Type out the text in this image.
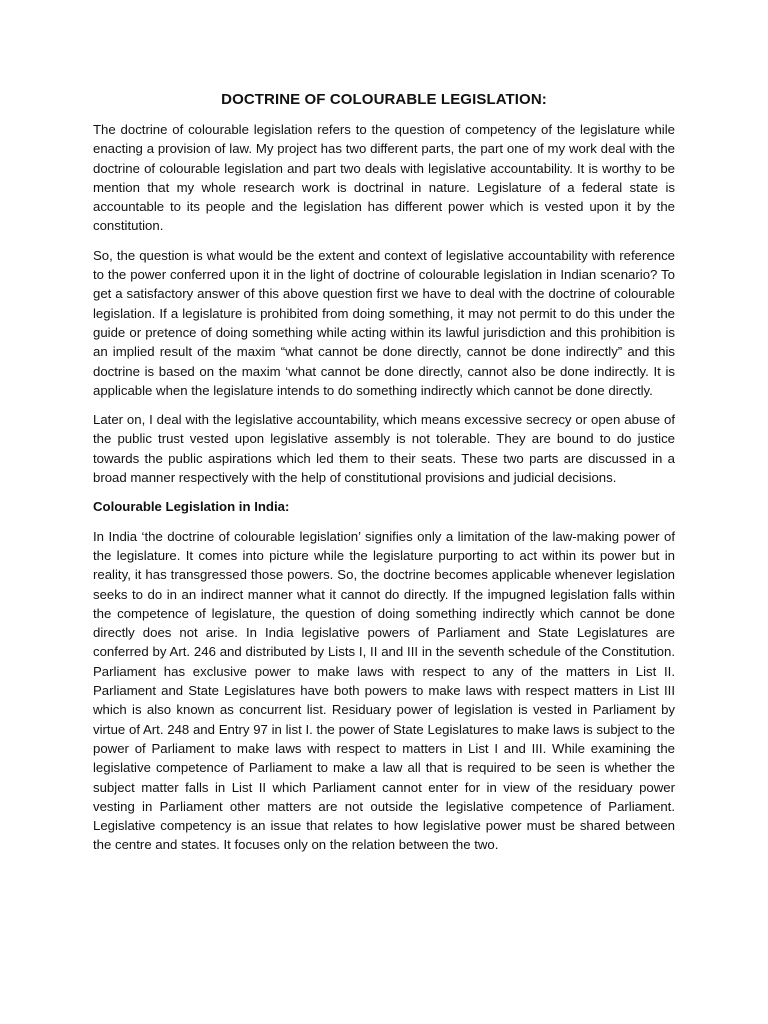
DOCTRINE OF COLOURABLE LEGISLATION:

The doctrine of colourable legislation refers to the question of competency of the legislature while enacting a provision of law. My project has two different parts, the part one of my work deal with the doctrine of colourable legislation and part two deals with legislative accountability. It is worthy to be mention that my whole research work is doctrinal in nature. Legislature of a federal state is accountable to its people and the legislation has different power which is vested upon it by the constitution.

So, the question is what would be the extent and context of legislative accountability with reference to the power conferred upon it in the light of doctrine of colourable legislation in Indian scenario? To get a satisfactory answer of this above question first we have to deal with the doctrine of colourable legislation. If a legislature is prohibited from doing something, it may not permit to do this under the guide or pretence of doing something while acting within its lawful jurisdiction and this prohibition is an implied result of the maxim “what cannot be done directly, cannot be done indirectly” and this doctrine is based on the maxim ‘what cannot be done directly, cannot also be done indirectly. It is applicable when the legislature intends to do something indirectly which cannot be done directly.

Later on, I deal with the legislative accountability, which means excessive secrecy or open abuse of the public trust vested upon legislative assembly is not tolerable. They are bound to do justice towards the public aspirations which led them to their seats. These two parts are discussed in a broad manner respectively with the help of constitutional provisions and judicial decisions.

Colourable Legislation in India:

In India ‘the doctrine of colourable legislation’ signifies only a limitation of the law-making power of the legislature. It comes into picture while the legislature purporting to act within its power but in reality, it has transgressed those powers. So, the doctrine becomes applicable whenever legislation seeks to do in an indirect manner what it cannot do directly. If the impugned legislation falls within the competence of legislature, the question of doing something indirectly which cannot be done directly does not arise. In India legislative powers of Parliament and State Legislatures are conferred by Art. 246 and distributed by Lists I, II and III in the seventh schedule of the Constitution. Parliament has exclusive power to make laws with respect to any of the matters in List II. Parliament and State Legislatures have both powers to make laws with respect matters in List III which is also known as concurrent list. Residuary power of legislation is vested in Parliament by virtue of Art. 248 and Entry 97 in list I. the power of State Legislatures to make laws is subject to the power of Parliament to make laws with respect to matters in List I and III. While examining the legislative competence of Parliament to make a law all that is required to be seen is whether the subject matter falls in List II which Parliament cannot enter for in view of the residuary power vesting in Parliament other matters are not outside the legislative competence of Parliament. Legislative competency is an issue that relates to how legislative power must be shared between the centre and states. It focuses only on the relation between the two.
